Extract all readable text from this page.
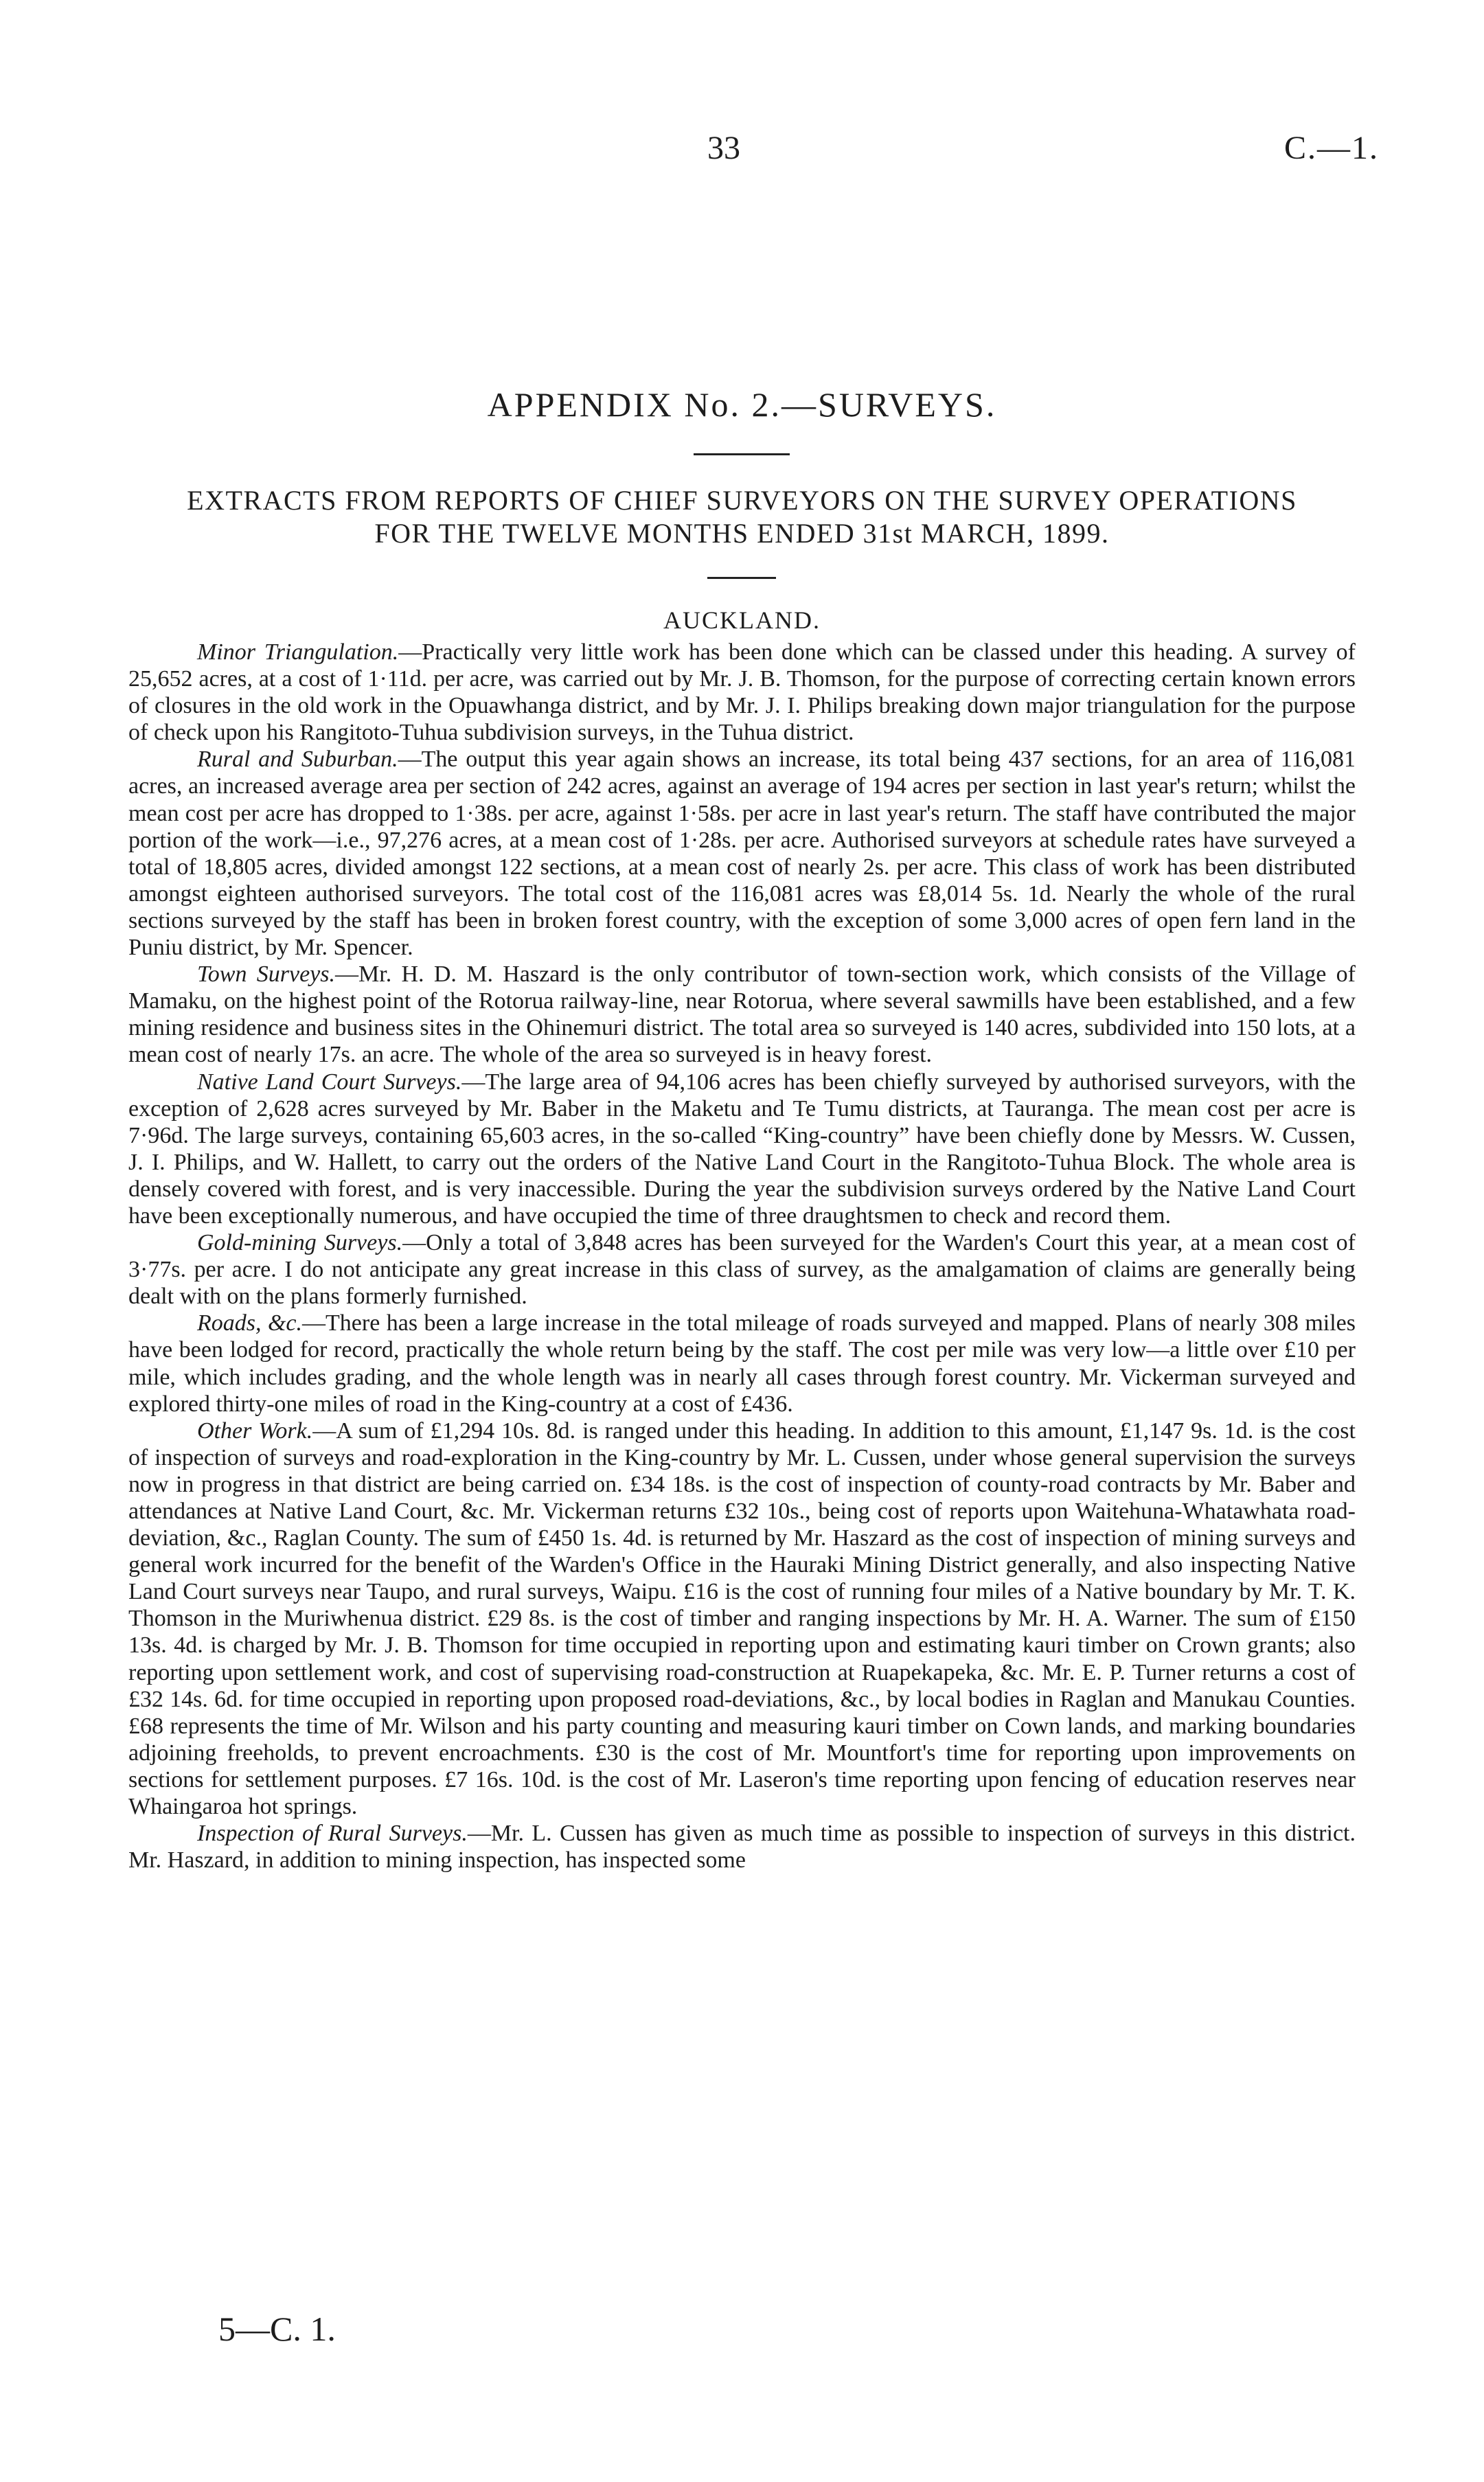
33	C.—1.
APPENDIX No. 2.—SURVEYS.
EXTRACTS FROM REPORTS OF CHIEF SURVEYORS ON THE SURVEY OPERATIONS
FOR THE TWELVE MONTHS ENDED 31st MARCH, 1899.
AUCKLAND.

Minor Triangulation.—Practically very little work has been done which can be classed under this heading. A survey of 25,652 acres, at a cost of 1·11d. per acre, was carried out by Mr. J. B. Thomson, for the purpose of correcting certain known errors of closures in the old work in the Opuawhanga district, and by Mr. J. I. Philips breaking down major triangulation for the purpose of check upon his Rangitoto-Tuhua subdivision surveys, in the Tuhua district.

Rural and Suburban.—The output this year again shows an increase, its total being 437 sections, for an area of 116,081 acres, an increased average area per section of 242 acres, against an average of 194 acres per section in last year's return; whilst the mean cost per acre has dropped to 1·38s. per acre, against 1·58s. per acre in last year's return. The staff have contributed the major portion of the work—i.e., 97,276 acres, at a mean cost of 1·28s. per acre. Authorised surveyors at schedule rates have surveyed a total of 18,805 acres, divided amongst 122 sections, at a mean cost of nearly 2s. per acre. This class of work has been distributed amongst eighteen authorised surveyors. The total cost of the 116,081 acres was £8,014 5s. 1d. Nearly the whole of the rural sections surveyed by the staff has been in broken forest country, with the exception of some 3,000 acres of open fern land in the Puniu district, by Mr. Spencer.

Town Surveys.—Mr. H. D. M. Haszard is the only contributor of town-section work, which consists of the Village of Mamaku, on the highest point of the Rotorua railway-line, near Rotorua, where several sawmills have been established, and a few mining residence and business sites in the Ohinemuri district. The total area so surveyed is 140 acres, subdivided into 150 lots, at a mean cost of nearly 17s. an acre. The whole of the area so surveyed is in heavy forest.

Native Land Court Surveys.—The large area of 94,106 acres has been chiefly surveyed by authorised surveyors, with the exception of 2,628 acres surveyed by Mr. Baber in the Maketu and Te Tumu districts, at Tauranga. The mean cost per acre is 7·96d. The large surveys, containing 65,603 acres, in the so-called “King-country” have been chiefly done by Messrs. W. Cussen, J. I. Philips, and W. Hallett, to carry out the orders of the Native Land Court in the Rangitoto-Tuhua Block. The whole area is densely covered with forest, and is very inaccessible. During the year the subdivision surveys ordered by the Native Land Court have been exceptionally numerous, and have occupied the time of three draughtsmen to check and record them.

Gold-mining Surveys.—Only a total of 3,848 acres has been surveyed for the Warden's Court this year, at a mean cost of 3·77s. per acre. I do not anticipate any great increase in this class of survey, as the amalgamation of claims are generally being dealt with on the plans formerly furnished.

Roads, &c.—There has been a large increase in the total mileage of roads surveyed and mapped. Plans of nearly 308 miles have been lodged for record, practically the whole return being by the staff. The cost per mile was very low—a little over £10 per mile, which includes grading, and the whole length was in nearly all cases through forest country. Mr. Vickerman surveyed and explored thirty-one miles of road in the King-country at a cost of £436.

Other Work.—A sum of £1,294 10s. 8d. is ranged under this heading. In addition to this amount, £1,147 9s. 1d. is the cost of inspection of surveys and road-exploration in the King-country by Mr. L. Cussen, under whose general supervision the surveys now in progress in that district are being carried on. £34 18s. is the cost of inspection of county-road contracts by Mr. Baber and attendances at Native Land Court, &c. Mr. Vickerman returns £32 10s., being cost of reports upon Waitehuna-Whatawhata road-deviation, &c., Raglan County. The sum of £450 1s. 4d. is returned by Mr. Haszard as the cost of inspection of mining surveys and general work incurred for the benefit of the Warden's Office in the Hauraki Mining District generally, and also inspecting Native Land Court surveys near Taupo, and rural surveys, Waipu. £16 is the cost of running four miles of a Native boundary by Mr. T. K. Thomson in the Muriwhenua district. £29 8s. is the cost of timber and ranging inspections by Mr. H. A. Warner. The sum of £150 13s. 4d. is charged by Mr. J. B. Thomson for time occupied in reporting upon and estimating kauri timber on Crown grants; also reporting upon settlement work, and cost of supervising road-construction at Ruapekapeka, &c. Mr. E. P. Turner returns a cost of £32 14s. 6d. for time occupied in reporting upon proposed road-deviations, &c., by local bodies in Raglan and Manukau Counties. £68 represents the time of Mr. Wilson and his party counting and measuring kauri timber on Cown lands, and marking boundaries adjoining freeholds, to prevent encroachments. £30 is the cost of Mr. Mountfort's time for reporting upon improvements on sections for settlement purposes. £7 16s. 10d. is the cost of Mr. Laseron's time reporting upon fencing of education reserves near Whaingaroa hot springs.

Inspection of Rural Surveys.—Mr. L. Cussen has given as much time as possible to inspection of surveys in this district. Mr. Haszard, in addition to mining inspection, has inspected some

5—C. 1.
